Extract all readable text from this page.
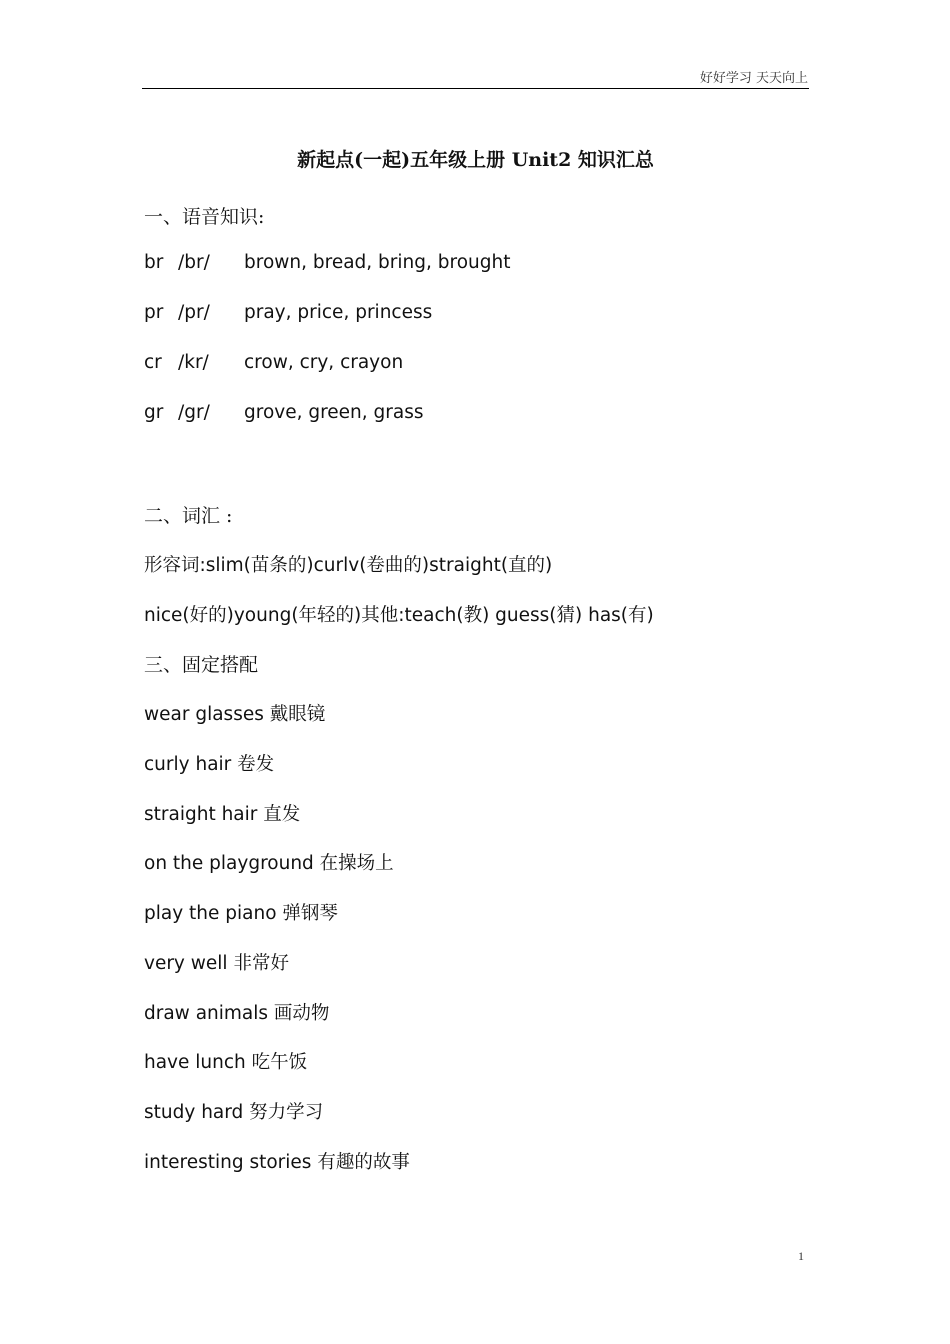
好好学习 天天向上
新起点(一起)五年级上册 Unit2 知识汇总
一、语音知识:
br /br/ brown, bread, bring, brought
pr /pr/ pray, price, princess
cr /kr/ crow, cry, crayon
gr /gr/ grove, green, grass
二、词汇 :
形容词:slim(苗条的)curlv(卷曲的)straight(直的)
nice(好的)young(年轻的)其他:teach(教) guess(猜) has(有)
三、固定搭配
wear glasses 戴眼镜
curly hair 卷发
straight hair 直发
on the playground 在操场上
play the piano 弹钢琴
very well 非常好
draw animals 画动物
have lunch 吃午饭
study hard 努力学习
interesting stories 有趣的故事
1
